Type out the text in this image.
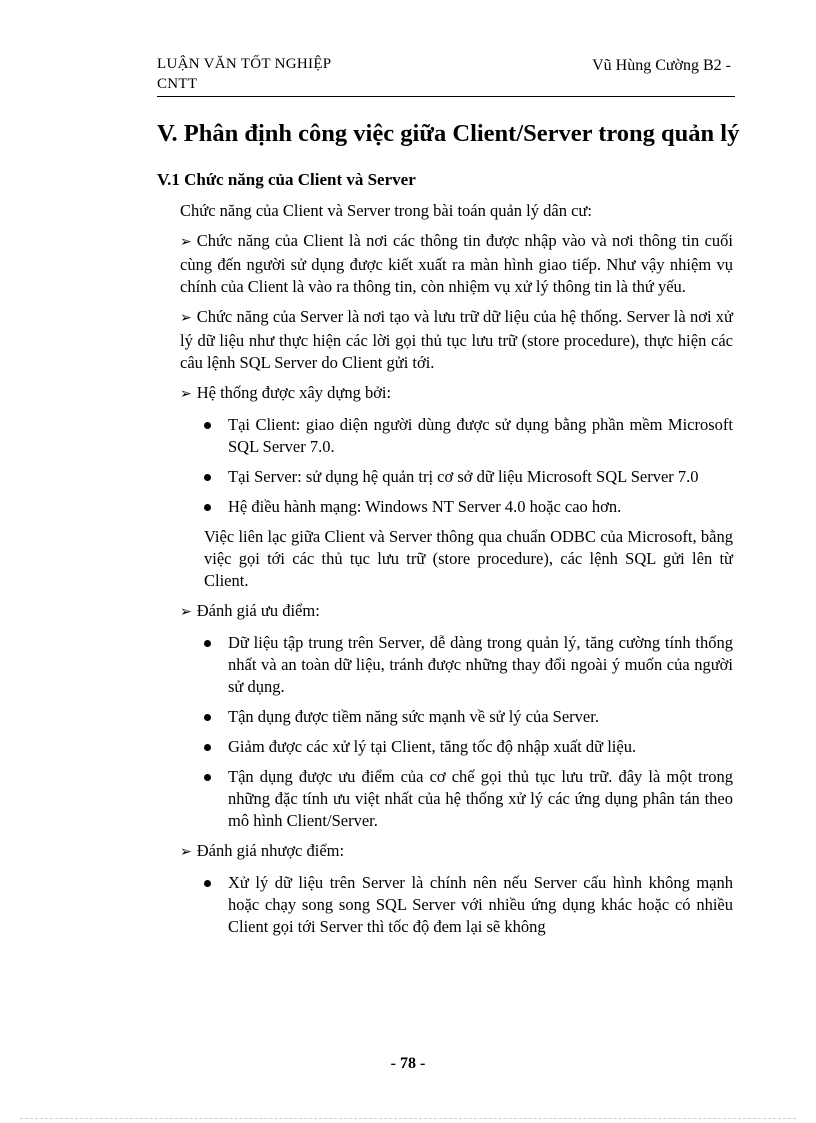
LUẬN VĂN TỐT NGHIỆP
CNTT
Vũ Hùng Cường B2 -
V. Phân định công việc giữa Client/Server trong quản lý
V.1 Chức năng của Client và Server

Chức năng của Client và Server trong bài toán quản lý dân cư:

➢ Chức năng của Client là nơi các thông tin được nhập vào và nơi thông tin cuối cùng đến người sử dụng được kiết xuất ra màn hình giao tiếp. Như vậy nhiệm vụ chính của Client là vào ra thông tin, còn nhiệm vụ xử lý thông tin là thứ yếu.

➢ Chức năng của Server là nơi tạo và lưu trữ dữ liệu của hệ thống. Server là nơi xử lý dữ liệu như thực hiện các lời gọi thủ tục lưu trữ (store procedure), thực hiện các câu lệnh SQL Server do Client gửi tới.

➢ Hệ thống được xây dựng bởi:

Tại Client: giao diện người dùng được sử dụng bằng phần mềm Microsoft SQL Server 7.0.
Tại Server: sử dụng hệ quản trị cơ sở dữ liệu Microsoft SQL Server 7.0
Hệ điều hành mạng: Windows NT Server 4.0 hoặc cao hơn.

Việc liên lạc giữa Client và Server thông qua chuẩn ODBC của Microsoft, bằng việc gọi tới các thủ tục lưu trữ (store procedure), các lệnh SQL gửi lên từ Client.

➢ Đánh giá ưu điểm:

Dữ liệu tập trung trên Server, dễ dàng trong quản lý, tăng cường tính thống nhất và an toàn dữ liệu, tránh được những thay đổi ngoài ý muốn của người sử dụng.
Tận dụng được tiềm năng sức mạnh về sử lý của Server.
Giảm được các xử lý tại Client, tăng tốc độ nhập xuất dữ liệu.
Tận dụng được ưu điểm của cơ chế gọi thủ tục lưu trữ. đây là một trong những đặc tính ưu việt nhất của hệ thống xử lý các ứng dụng phân tán theo mô hình Client/Server.

➢ Đánh giá nhược điểm:

Xử lý dữ liệu trên Server là chính nên nếu Server cấu hình không mạnh hoặc chạy song song SQL Server với nhiều ứng dụng khác hoặc có nhiều Client gọi tới Server thì tốc độ đem lại sẽ không
- 78 -
